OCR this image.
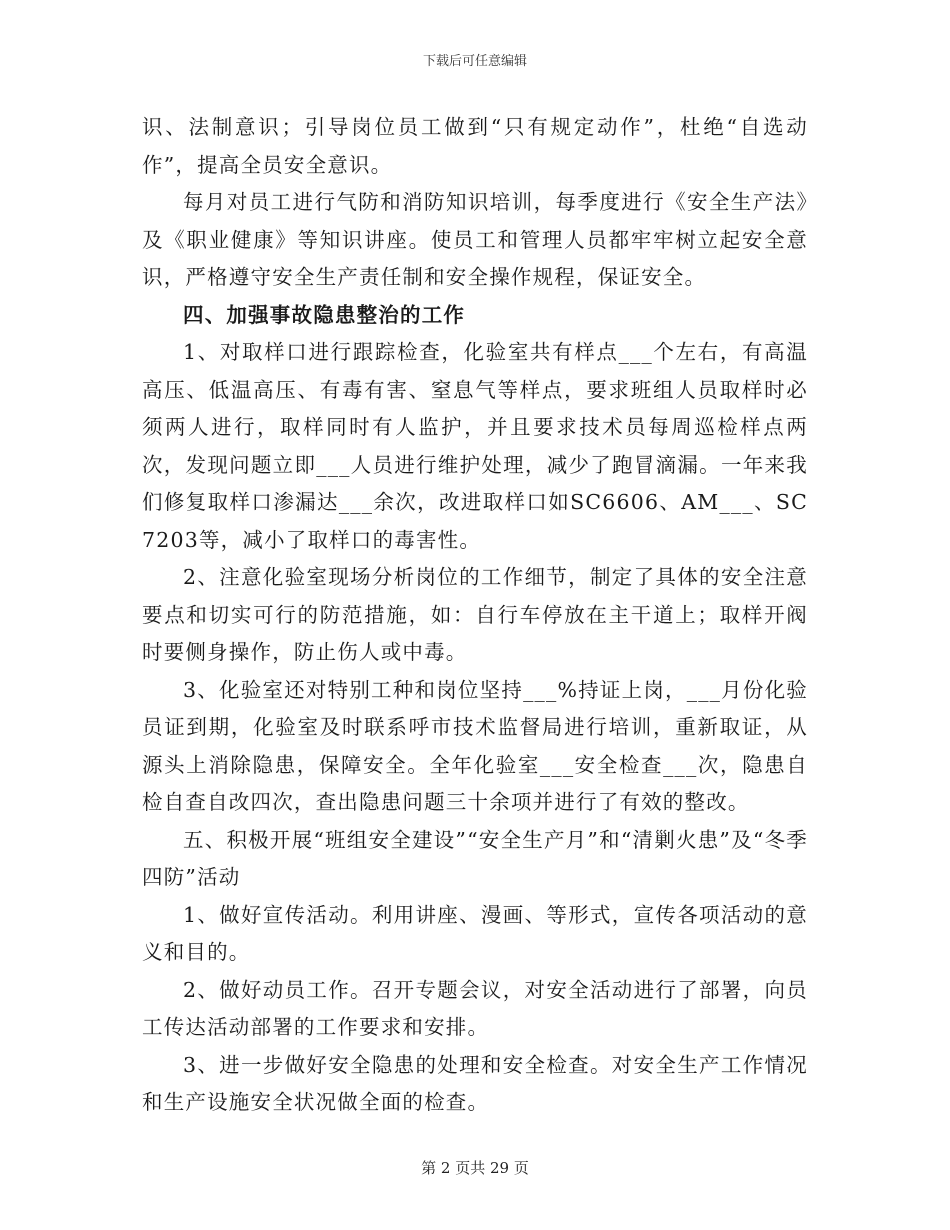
下载后可任意编辑

识、法制意识；引导岗位员工做到“只有规定动作”，杜绝“自选动作”，提高全员安全意识。

每月对员工进行气防和消防知识培训，每季度进行《安全生产法》及《职业健康》等知识讲座。使员工和管理人员都牢牢树立起安全意识，严格遵守安全生产责任制和安全操作规程，保证安全。

四、加强事故隐患整治的工作

1、对取样口进行跟踪检查，化验室共有样点___个左右，有高温高压、低温高压、有毒有害、窒息气等样点，要求班组人员取样时必须两人进行，取样同时有人监护，并且要求技术员每周巡检样点两次，发现问题立即___人员进行维护处理，减少了跑冒滴漏。一年来我们修复取样口渗漏达___余次，改进取样口如SC6606、AM___、SC7203等，减小了取样口的毒害性。

2、注意化验室现场分析岗位的工作细节，制定了具体的安全注意要点和切实可行的防范措施，如：自行车停放在主干道上；取样开阀时要侧身操作，防止伤人或中毒。

3、化验室还对特别工种和岗位坚持___%持证上岗，___月份化验员证到期，化验室及时联系呼市技术监督局进行培训，重新取证，从源头上消除隐患，保障安全。全年化验室___安全检查___次，隐患自检自查自改四次，查出隐患问题三十余项并进行了有效的整改。

五、积极开展“班组安全建设”“安全生产月”和“清剿火患”及“冬季四防”活动

1、做好宣传活动。利用讲座、漫画、等形式，宣传各项活动的意义和目的。

2、做好动员工作。召开专题会议，对安全活动进行了部署，向员工传达活动部署的工作要求和安排。

3、进一步做好安全隐患的处理和安全检查。对安全生产工作情况和生产设施安全状况做全面的检查。

第 2 页共 29 页
